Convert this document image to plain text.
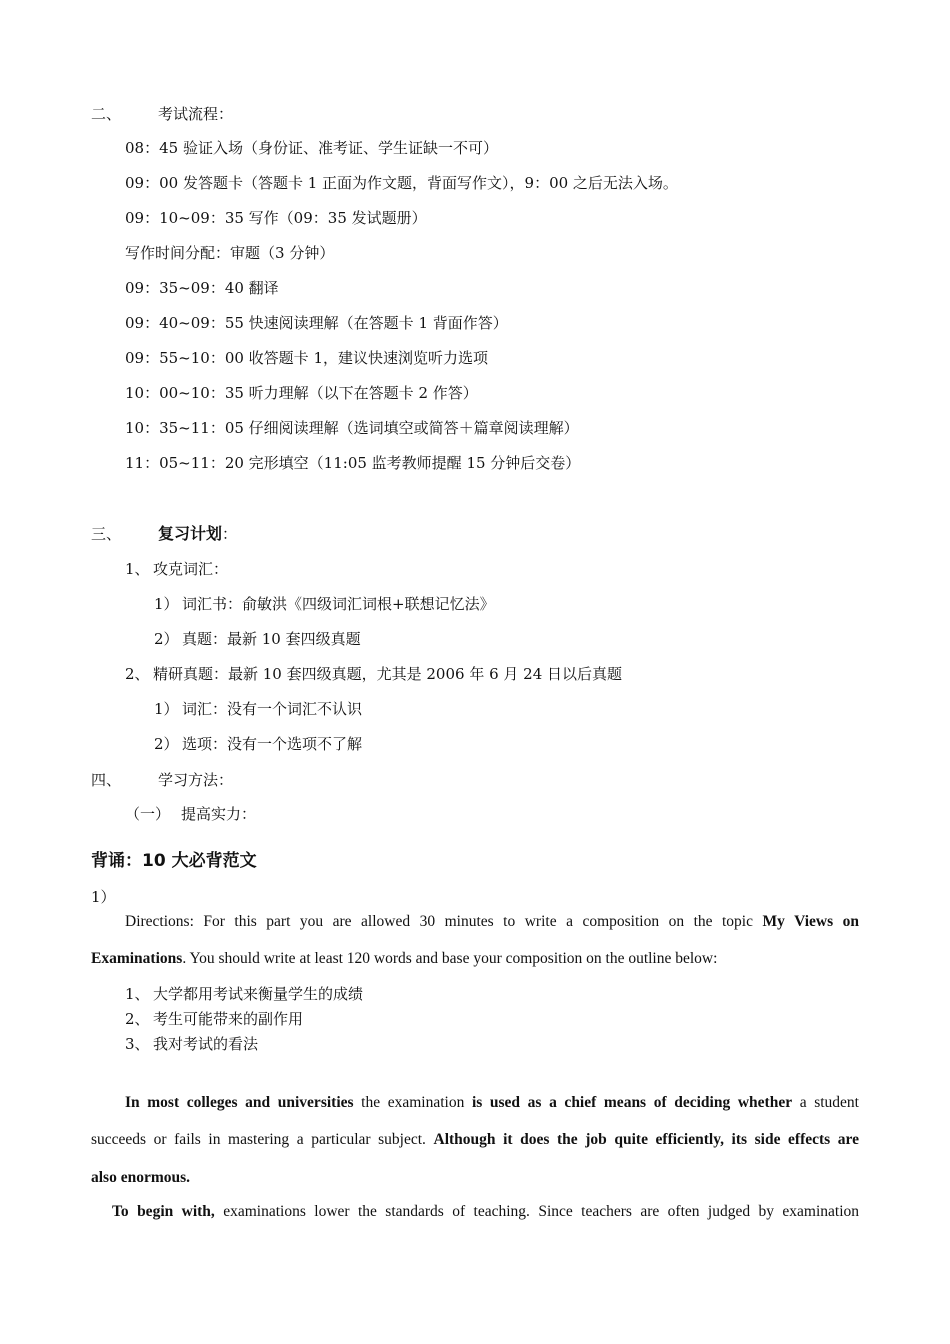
二、 考试流程：
08：45 验证入场（身份证、准考证、学生证缺一不可）
09：00 发答题卡（答题卡 1 正面为作文题，背面写作文），9：00 之后无法入场。
09：10~09：35 写作（09：35 发试题册）
写作时间分配：审题（3 分钟）
09：35~09：40 翻译
09：40~09：55 快速阅读理解（在答题卡 1 背面作答）
09：55~10：00 收答题卡 1，建议快速浏览听力选项
10：00~10：35 听力理解（以下在答题卡 2 作答）
10：35~11：05 仔细阅读理解（选词填空或简答＋篇章阅读理解）
11：05~11：20 完形填空（11:05 监考教师提醒 15 分钟后交卷）
三、 复习计划：
1、 攻克词汇：
1） 词汇书：俞敏洪《四级词汇词根+联想记忆法》
2） 真题：最新 10 套四级真题
2、 精研真题：最新 10 套四级真题，尤其是 2006 年 6 月 24 日以后真题
1） 词汇：没有一个词汇不认识
2） 选项：没有一个选项不了解
四、 学习方法：
（一） 提高实力：
背诵：10 大必背范文
1）
Directions: For this part you are allowed 30 minutes to write a composition on the topic My Views on
Examinations. You should write at least 120 words and base your composition on the outline below:
1、 大学都用考试来衡量学生的成绩
2、 考生可能带来的副作用
3、 我对考试的看法
In most colleges and universities the examination is used as a chief means of deciding whether a student
succeeds or fails in mastering a particular subject. Although it does the job quite efficiently, its side effects are
also enormous.
To begin with, examinations lower the standards of teaching. Since teachers are often judged by examination
